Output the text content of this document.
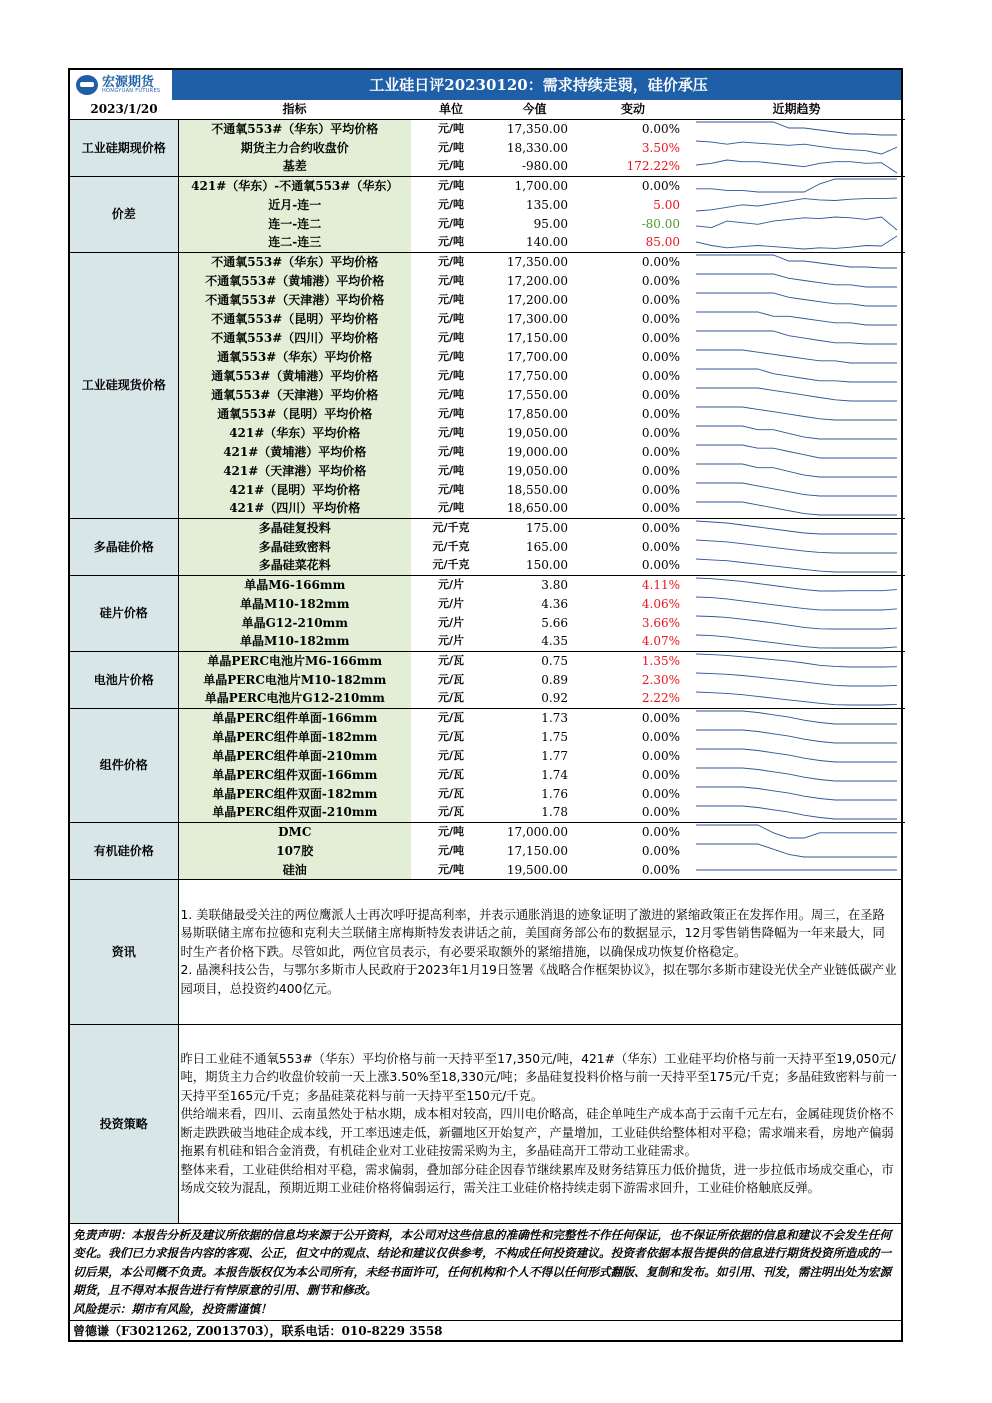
宏源期货
HONGYUAN FUTURES	工业硅日评20230120：需求持续走弱，硅价承压
2023/1/20	指标	单位	今值	变动	近期趋势
工业硅期现价格	不通氧553#（华东）平均价格	元/吨	17,350.00	0.00%	

	期货主力合约收盘价	元/吨	18,330.00	3.50%	

	基差	元/吨	-980.00	172.22%	

价差	421#（华东）-不通氧553#（华东）	元/吨	1,700.00	0.00%	

	近月-连一	元/吨	135.00	5.00	

	连一-连二	元/吨	95.00	-80.00	

	连二-连三	元/吨	140.00	85.00	

工业硅现货价格	不通氧553#（华东）平均价格	元/吨	17,350.00	0.00%	

	不通氧553#（黄埔港）平均价格	元/吨	17,200.00	0.00%	

	不通氧553#（天津港）平均价格	元/吨	17,200.00	0.00%	

	不通氧553#（昆明）平均价格	元/吨	17,300.00	0.00%	

	不通氧553#（四川）平均价格	元/吨	17,150.00	0.00%	

	通氧553#（华东）平均价格	元/吨	17,700.00	0.00%	

	通氧553#（黄埔港）平均价格	元/吨	17,750.00	0.00%	

	通氧553#（天津港）平均价格	元/吨	17,550.00	0.00%	

	通氧553#（昆明）平均价格	元/吨	17,850.00	0.00%	

	421#（华东）平均价格	元/吨	19,050.00	0.00%	

	421#（黄埔港）平均价格	元/吨	19,000.00	0.00%	

	421#（天津港）平均价格	元/吨	19,050.00	0.00%	

	421#（昆明）平均价格	元/吨	18,550.00	0.00%	

	421#（四川）平均价格	元/吨	18,650.00	0.00%	

多晶硅价格	多晶硅复投料	元/千克	175.00	0.00%	

	多晶硅致密料	元/千克	165.00	0.00%	

	多晶硅菜花料	元/千克	150.00	0.00%	

硅片价格	单晶M6-166mm	元/片	3.80	4.11%	

	单晶M10-182mm	元/片	4.36	4.06%	

	单晶G12-210mm	元/片	5.66	3.66%	

	单晶M10-182mm	元/片	4.35	4.07%	

电池片价格	单晶PERC电池片M6-166mm	元/瓦	0.75	1.35%	

	单晶PERC电池片M10-182mm	元/瓦	0.89	2.30%	

	单晶PERC电池片G12-210mm	元/瓦	0.92	2.22%	

组件价格	单晶PERC组件单面-166mm	元/瓦	1.73	0.00%	

	单晶PERC组件单面-182mm	元/瓦	1.75	0.00%	

	单晶PERC组件单面-210mm	元/瓦	1.77	0.00%	

	单晶PERC组件双面-166mm	元/瓦	1.74	0.00%	

	单晶PERC组件双面-182mm	元/瓦	1.76	0.00%	

	单晶PERC组件双面-210mm	元/瓦	1.78	0.00%	

有机硅价格	DMC	元/吨	17,000.00	0.00%	

	107胶	元/吨	17,150.00	0.00%	

	硅油	元/吨	19,500.00	0.00%	
资讯	1. 美联储最受关注的两位鹰派人士再次呼吁提高利率，并表示通胀消退的迹象证明了激进的紧缩政策正在发挥作用。周三，在圣路易斯联储主席布拉德和克利夫兰联储主席梅斯特发表讲话之前，美国商务部公布的数据显示，12月零售销售降幅为一年来最大，同时生产者价格下跌。尽管如此，两位官员表示，有必要采取额外的紧缩措施，以确保成功恢复价格稳定。

2. 晶澳科技公告，与鄂尔多斯市人民政府于2023年1月19日签署《战略合作框架协议》，拟在鄂尔多斯市建设光伏全产业链低碳产业园项目，总投资约400亿元。

投资策略	昨日工业硅不通氧553#（华东）平均价格与前一天持平至17,350元/吨，421#（华东）工业硅平均价格与前一天持平至19,050元/吨，期货主力合约收盘价较前一天上涨3.50%至18,330元/吨；多晶硅复投料价格与前一天持平至175元/千克；多晶硅致密料与前一天持平至165元/千克；多晶硅菜花料与前一天持平至150元/千克。

供给端来看，四川、云南虽然处于枯水期，成本相对较高，四川电价略高，硅企单吨生产成本高于云南千元左右，金属硅现货价格不断走跌跌破当地硅企成本线，开工率迅速走低，新疆地区开始复产，产量增加，工业硅供给整体相对平稳；需求端来看，房地产偏弱拖累有机硅和铝合金消费，有机硅企业对工业硅按需采购为主，多晶硅高开工带动工业硅需求。

整体来看，工业硅供给相对平稳，需求偏弱，叠加部分硅企因春节继续累库及财务结算压力低价抛货，进一步拉低市场成交重心，市场成交较为混乱，预期近期工业硅价格将偏弱运行，需关注工业硅价格持续走弱下游需求回升，工业硅价格触底反弹。

免责声明：本报告分析及建议所依据的信息均来源于公开资料，本公司对这些信息的准确性和完整性不作任何保证，也不保证所依据的信息和建议不会发生任何变化。我们已力求报告内容的客观、公正，但文中的观点、结论和建议仅供参考，不构成任何投资建议。投资者依据本报告提供的信息进行期货投资所造成的一切后果，本公司概不负责。本报告版权仅为本公司所有，未经书面许可，任何机构和个人不得以任何形式翻版、复制和发布。如引用、刊发，需注明出处为宏源期货，且不得对本报告进行有悖原意的引用、删节和修改。
风险提示：期市有风险，投资需谨慎！
曾德谦（F3021262, Z0013703），联系电话：010-8229 3558
